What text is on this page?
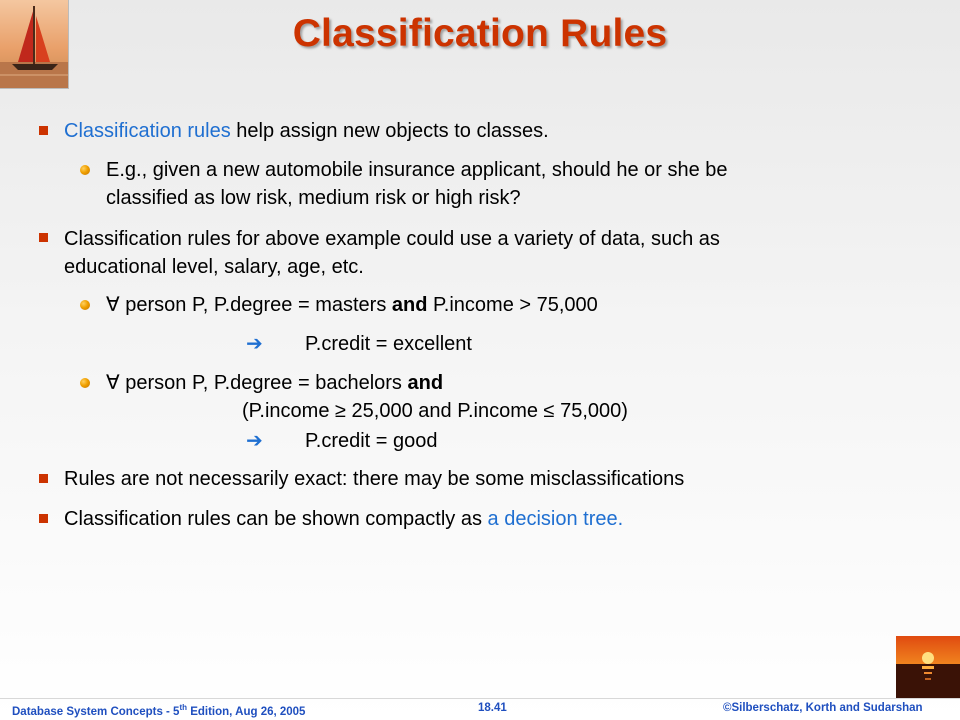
Classification Rules
Classification rules help assign new objects to classes.
E.g., given a new automobile insurance applicant, should he or she be
classified as low risk, medium risk or high risk?
Classification rules for above example could use a variety of data, such as
educational level, salary, age, etc.
∀ person P, P.degree = masters and P.income > 75,000
➔ P.credit = excellent
∀ person P, P.degree = bachelors and
(P.income ≥ 25,000 and P.income ≤ 75,000)
➔ P.credit = good
Rules are not necessarily exact: there may be some misclassifications
Classification rules can be shown compactly as a decision tree.
Database System Concepts - 5th Edition, Aug 26, 2005	18.41	©Silberschatz, Korth and Sudarshan
